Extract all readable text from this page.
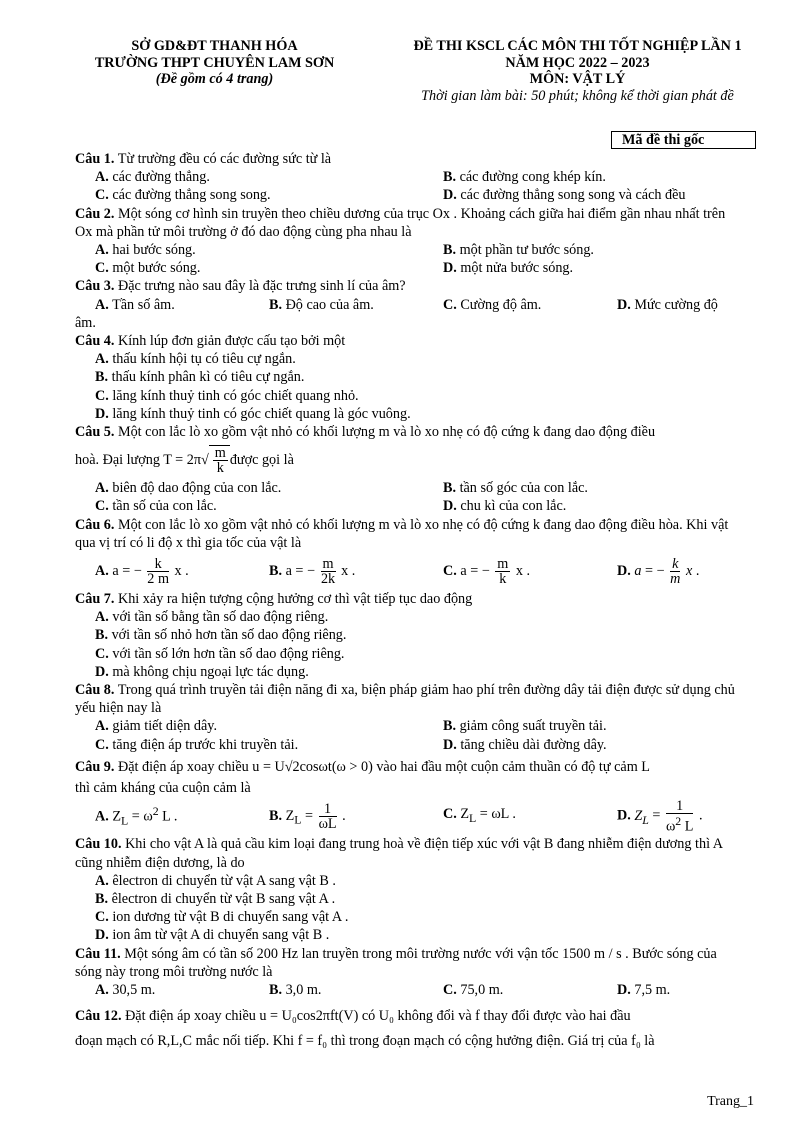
SỞ GD&ĐT THANH HÓA
TRƯỜNG THPT CHUYÊN LAM SƠN
(Đề gồm có 4 trang)
ĐỀ THI KSCL CÁC MÔN THI TỐT NGHIỆP LẦN 1
NĂM HỌC 2022 – 2023
MÔN: VẬT LÝ
Thời gian làm bài: 50 phút; không kể thời gian phát đề
Mã đề thi gốc
Câu 1. Từ trường đều có các đường sức từ là
A. các đường thẳng.	B. các đường cong khép kín.
C. các đường thẳng song song.	D. các đường thẳng song song và cách đều
Câu 2. Một sóng cơ hình sin truyền theo chiều dương của trục Ox . Khoảng cách giữa hai điểm gần nhau nhất trên Ox mà phần tử môi trường ở đó dao động cùng pha nhau là
A. hai bước sóng.	B. một phần tư bước sóng.
C. một bước sóng.	D. một nửa bước sóng.
Câu 3. Đặc trưng nào sau đây là đặc trưng sinh lí của âm?
A. Tần số âm.	B. Độ cao của âm.	C. Cường độ âm.	D. Mức cường độ
âm.
Câu 4. Kính lúp đơn giản được cấu tạo bởi một
A. thấu kính hội tụ có tiêu cự ngắn.
B. thấu kính phân kì có tiêu cự ngắn.
C. lăng kính thuỷ tinh có góc chiết quang nhỏ.
D. lăng kính thuỷ tinh có góc chiết quang là góc vuông.
Câu 5. Một con lắc lò xo gồm vật nhỏ có khối lượng m và lò xo nhẹ có độ cứng k đang dao động điều
hoà. Đại lượng T = 2π √ $\frac{m}{k}$ được gọi là
A. biên độ dao động của con lắc.	B. tần số góc của con lắc.
C. tần số của con lắc.	D. chu kì của con lắc.
Câu 6. Một con lắc lò xo gồm vật nhỏ có khối lượng m và lò xo nhẹ có độ cứng k đang dao động điều hòa. Khi vật qua vị trí có li độ x thì gia tốc của vật là
A. a = − $\frac{k}{2 m}$ x .	B. a = − $\frac{m}{2k}$ x .	C. a = − $\frac{m}{k}$ x .	D. a = − $\frac{k}{m}$ x .
Câu 7. Khi xảy ra hiện tượng cộng hưởng cơ thì vật tiếp tục dao động
A. với tần số bằng tần số dao động riêng.
B. với tần số nhỏ hơn tần số dao động riêng.
C. với tần số lớn hơn tần số dao động riêng.
D. mà không chịu ngoại lực tác dụng.
Câu 8. Trong quá trình truyền tải điện năng đi xa, biện pháp giảm hao phí trên đường dây tải điện được sử dụng chủ yếu hiện nay là
A. giảm tiết diện dây.	B. giảm công suất truyền tải.
C. tăng điện áp trước khi truyền tải.	D. tăng chiều dài đường dây.
Câu 9. Đặt điện áp xoay chiều u = U√2cosωt(ω > 0) vào hai đầu một cuộn cảm thuần có độ tự cảm L
thì cảm kháng của cuộn cảm là
A. $Z_L = \omega^2$ L .	B. $Z_L = \frac{1}{\omega L}$ .	C. $Z_L = \omega L$ .	D. $Z_L = \frac{1}{\omega^2 L}$ .
Câu 10. Khi cho vật A là quả cầu kim loại đang trung hoà về điện tiếp xúc với vật B đang nhiễm điện dương thì A cũng nhiễm điện dương, là do
A. êlectron di chuyển từ vật A sang vật B .
B. êlectron di chuyển từ vật B sang vật A .
C. ion dương từ vật B di chuyển sang vật A .
D. ion âm từ vật A di chuyển sang vật B .
Câu 11. Một sóng âm có tần số 200 Hz lan truyền trong môi trường nước với vận tốc 1500 m / s . Bước sóng của sóng này trong môi trường nước là
A. 30,5 m.	B. 3,0 m.	C. 75,0 m.	D. 7,5 m.
Câu 12. Đặt điện áp xoay chiều u = U₀cos2πft(V) có U₀ không đổi và f thay đổi được vào hai đầu
đoạn mạch có R,L,C mắc nối tiếp. Khi f = f₀ thì trong đoạn mạch có cộng hưởng điện. Giá trị của f₀ là
Trang_1
